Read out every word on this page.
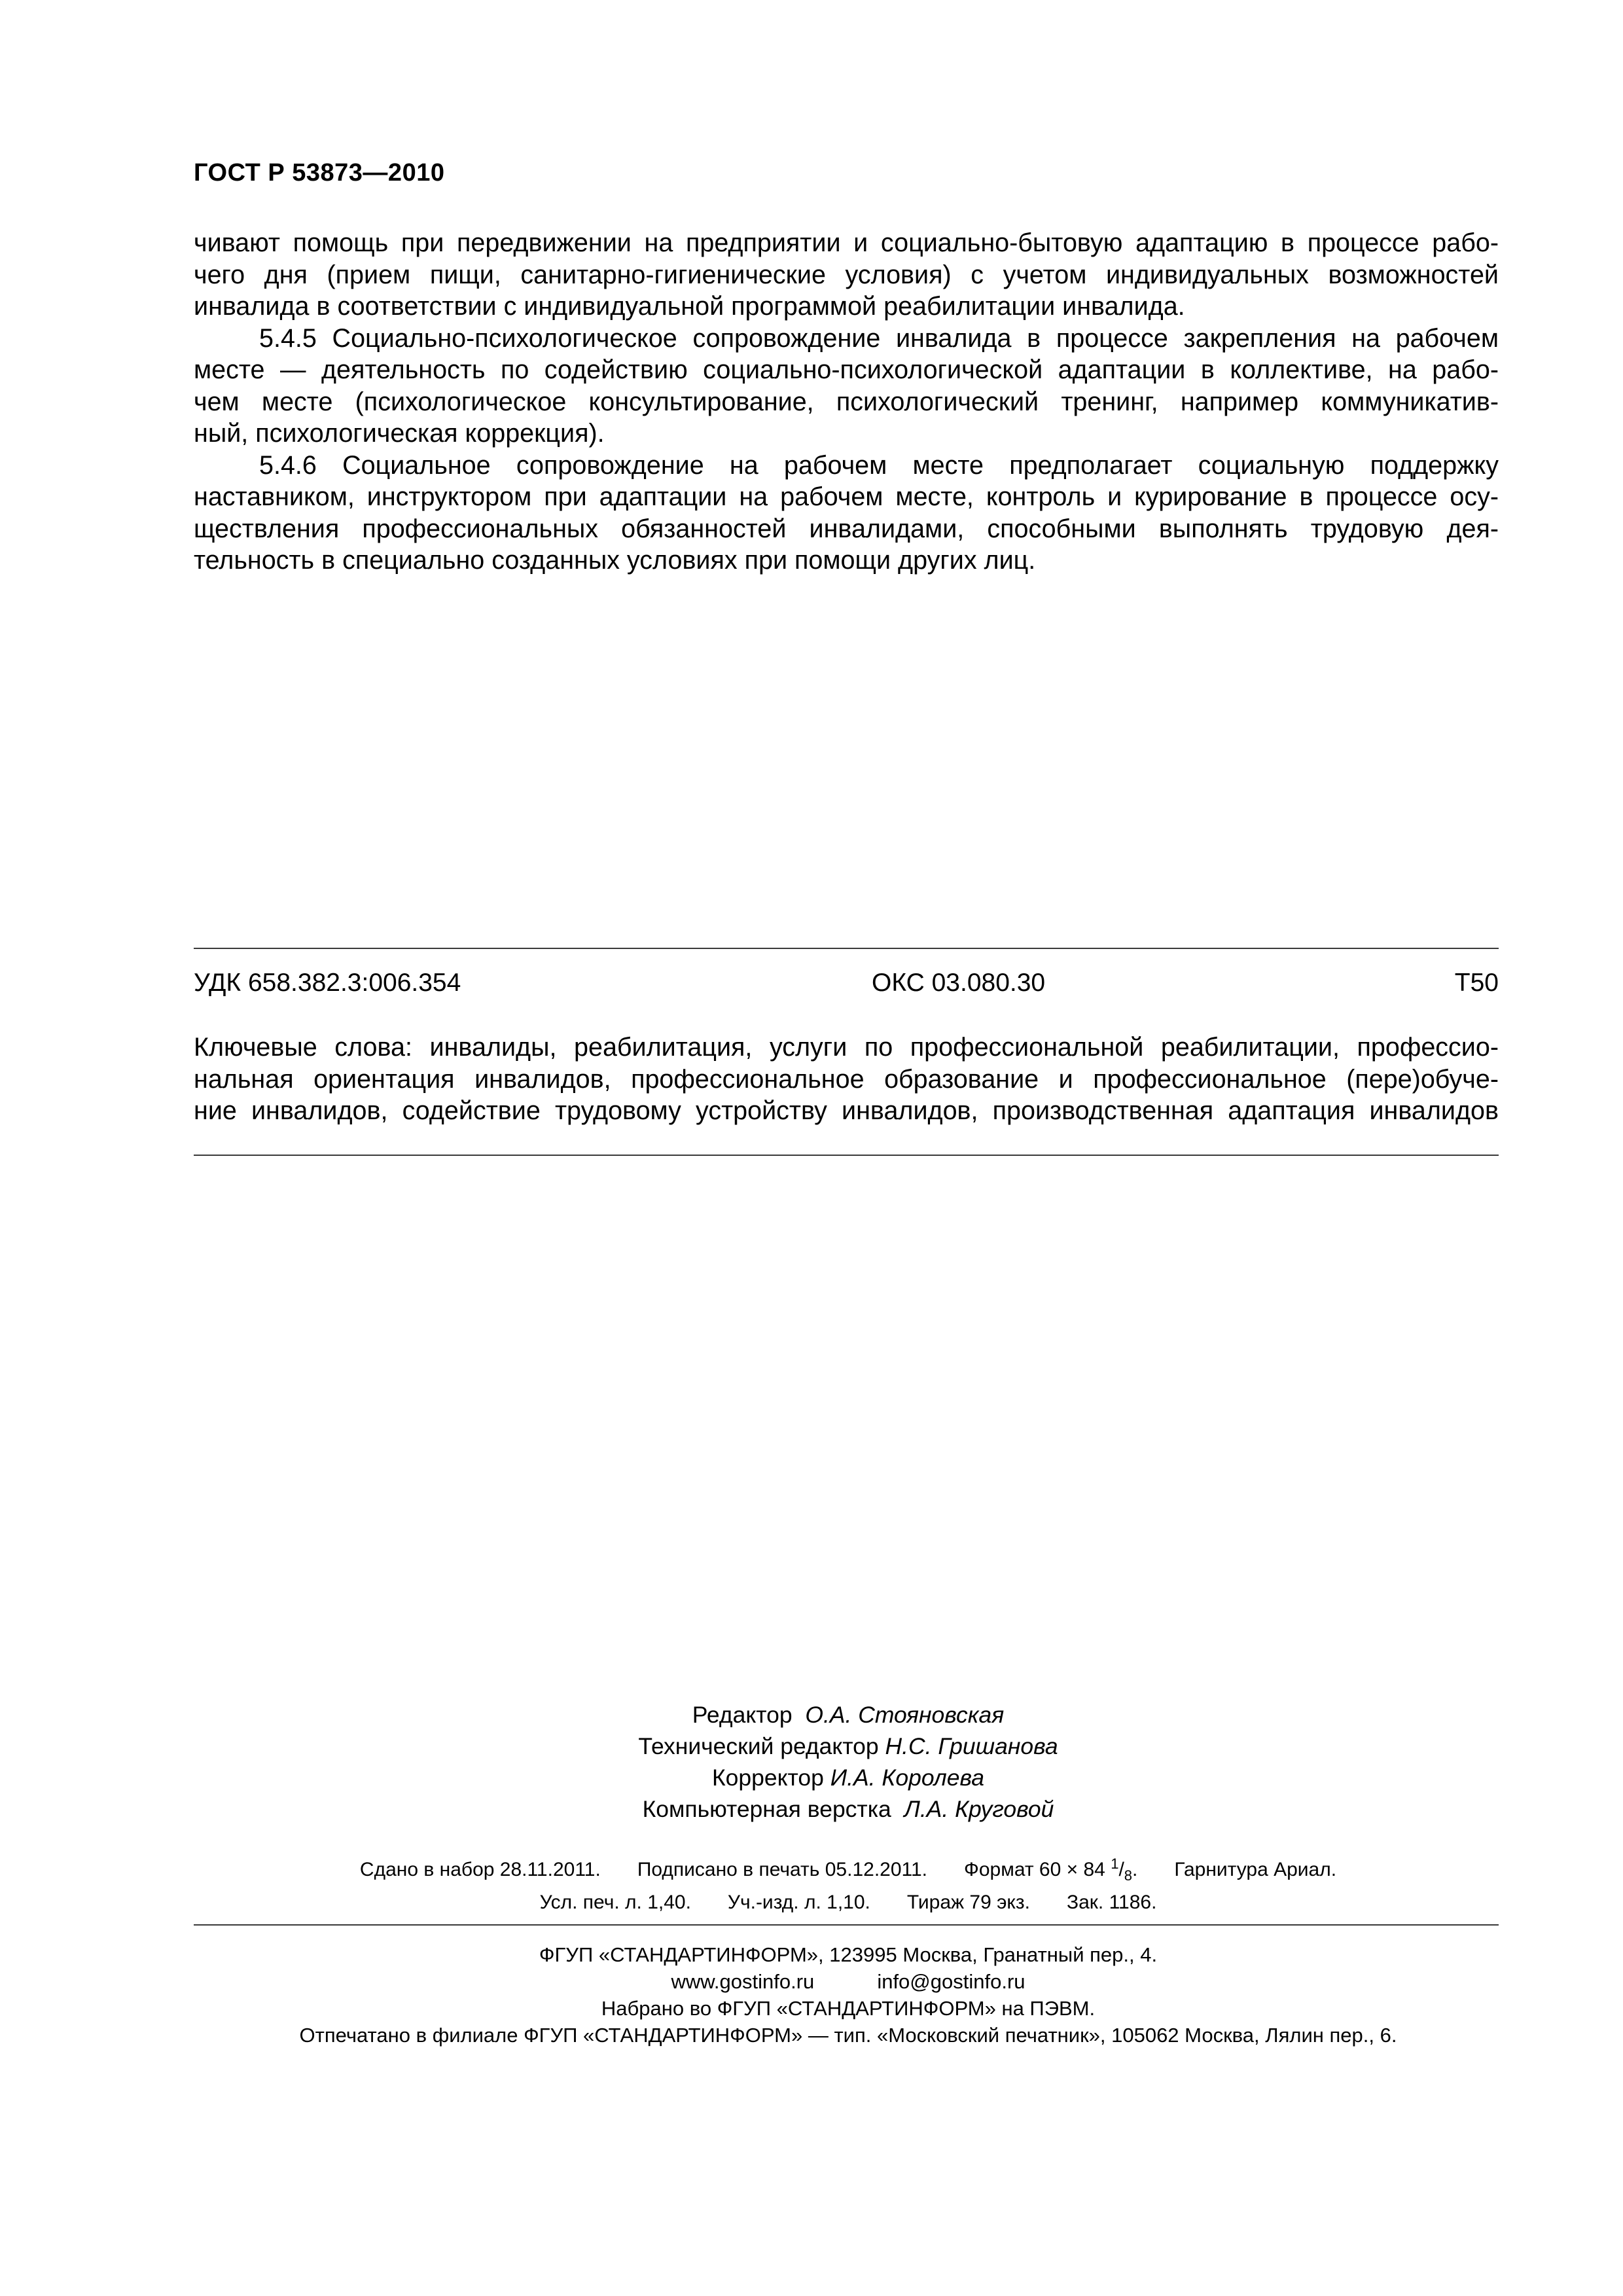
ГОСТ Р 53873—2010
чивают помощь при передвижении на предприятии и социально-бытовую адаптацию в процессе рабо-
чего дня (прием пищи, санитарно-гигиенические условия) с учетом индивидуальных возможностей
инвалида в соответствии с индивидуальной программой реабилитации инвалида.
5.4.5 Социально-психологическое сопровождение инвалида в процессе закрепления на рабочем
месте — деятельность по содействию социально-психологической адаптации в коллективе, на рабо-
чем месте (психологическое консультирование, психологический тренинг, например коммуникатив-
ный, психологическая коррекция).
5.4.6 Социальное сопровождение на рабочем месте предполагает социальную поддержку
наставником, инструктором при адаптации на рабочем месте, контроль и курирование в процессе осу-
ществления профессиональных обязанностей инвалидами, способными выполнять трудовую дея-
тельность в специально созданных условиях при помощи других лиц.
УДК 658.382.3:006.354	ОКС 03.080.30	Т50
Ключевые слова: инвалиды, реабилитация, услуги по профессиональной реабилитации, профессио-
нальная ориентация инвалидов, профессиональное образование и профессиональное (пере)обуче-
ние инвалидов, содействие трудовому устройству инвалидов, производственная адаптация инвалидов
Редактор О.А. Стояновская
Технический редактор Н.С. Гришанова
Корректор И.А. Королева
Компьютерная верстка Л.А. Круговой
Сдано в набор 28.11.2011. Подписано в печать 05.12.2011. Формат 60 × 84 $^1/_8$. Гарнитура Ариал.
Усл. печ. л. 1,40. Уч.-изд. л. 1,10. Тираж 79 экз. Зак. 1186.
ФГУП «СТАНДАРТИНФОРМ», 123995 Москва, Гранатный пер., 4.
www.gostinfo.ru	info@gostinfo.ru
Набрано во ФГУП «СТАНДАРТИНФОРМ» на ПЭВМ.
Отпечатано в филиале ФГУП «СТАНДАРТИНФОРМ» — тип. «Московский печатник», 105062 Москва, Лялин пер., 6.
